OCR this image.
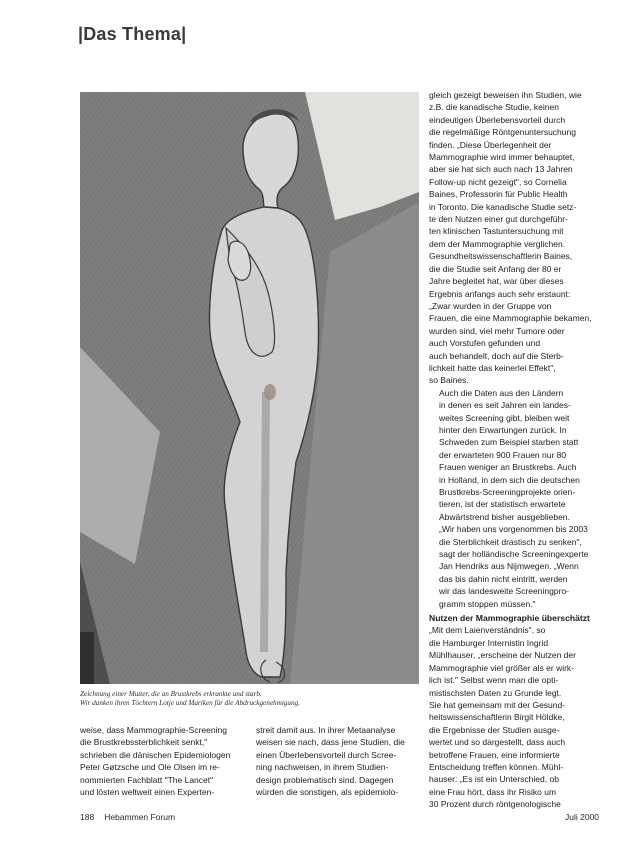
|Das Thema|
Zeichnung einer Mutter, die an Brustkrebs erkrankte und starb.
Wir danken ihren Töchtern Lotje und Mariken für die Abdruckgenehmigung.
gleich gezeigt beweisen ihn Studien, wie
z.B. die kanadische Studie, keinen
eindeutigen Überlebensvorteil durch
die regelmäßige Röntgenuntersuchung
finden. „Diese Überlegenheit der
Mammographie wird immer behauptet,
aber sie hat sich auch nach 13 Jahren
Follow-up nicht gezeigt", so Cornelia
Baines, Professorin für Public Health
in Toronto. Die kanadische Studie setz-
te den Nutzen einer gut durchgeführ-
ten klinischen Tastuntersuchung mit
dem der Mammographie verglichen.
Gesundheitswissenschaftlerin Baines,
die die Studie seit Anfang der 80 er
Jahre begleitet hat, war über dieses
Ergebnis anfangs auch sehr erstaunt:
„Zwar wurden in der Gruppe von
Frauen, die eine Mammographie bekamen,
wurden sind, viel mehr Tumore oder
auch Vorstufen gefunden und
auch behandelt, doch auf die Sterb-
lichkeit hatte das keinerlei Effekt",
so Baines.
Auch die Daten aus den Ländern
in denen es seit Jahren ein landes-
weites Screening gibt, bleiben weit
hinter den Erwartungen zurück. In
Schweden zum Beispiel starben statt
der erwarteten 900 Frauen nur 80
Frauen weniger an Brustkrebs. Auch
in Holland, in dem sich die deutschen
Brustkrebs-Screeningprojekte orien-
tieren, ist der statistisch erwartete
Abwärtstrend bisher ausgeblieben.
„Wir haben uns vorgenommen bis 2003
die Sterblichkeit drastisch zu senken",
sagt der holländische Screeningexperte
Jan Hendriks aus Nijmwegen. „Wenn
das bis dahin nicht eintritt, werden
wir das landesweite Screeningpro-
gramm stoppen müssen."
Nutzen der Mammographie überschätzt
„Mit dem Laienverständnis", so
die Hamburger Internistin Ingrid
Mühlhauser, „erscheine der Nutzen der
Mammographie viel größer als er wirk-
lich ist." Selbst wenn man die opti-
mistischsten Daten zu Grunde legt.
Sie hat gemeinsam mit der Gesund-
heitswissenschaftlerin Birgit Höldke,
die Ergebnisse der Studien ausge-
wertet und so dargestellt, dass auch
betroffene Frauen, eine informierte
Entscheidung treffen können. Mühl-
hauser: „Es ist ein Unterschied, ob
eine Frau hört, dass ihr Risiko um
30 Prozent durch röntgenologische
weise, dass Mammographie-Screening
die Brustkrebssterblichkeit senkt,"
schrieben die dänischen Epidemiologen
Peter Gøtzsche und Ole Olsen im re-
nommierten Fachblatt "The Lancet"
und lösten weltweit einen Experten-
streit damit aus. In ihrer Metaanalyse
weisen sie nach, dass jene Studien, die
einen Überlebensvorteil durch Scree-
ning nachweisen, in ihrem Studien-
design problematisch sind. Dagegen
würden die sonstigen, als epidemiolo-
188 Hebammen Forum	Juli 2000
